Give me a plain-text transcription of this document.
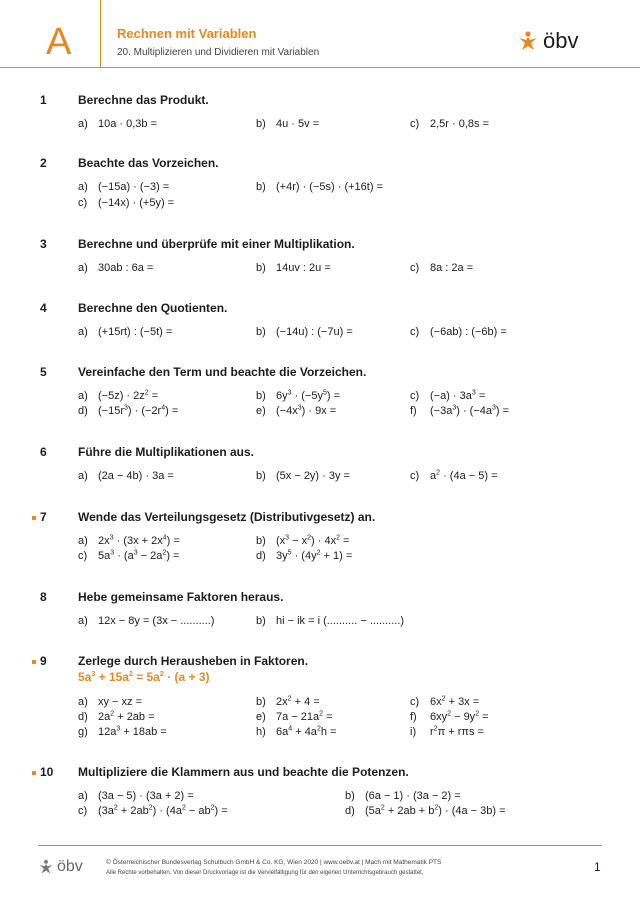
A	Rechnen mit Variablen
20. Multiplizieren und Dividieren mit Variablen	öbv
1	Berechne das Produkt.
a) 10a · 0,3b =	b) 4u · 5v =	c) 2,5r · 0,8s =
2	Beachte das Vorzeichen.
a) (−15a) · (−3) =	b) (+4r) · (−5s) · (+16t) =
c) (−14x) · (+5y) =
3	Berechne und überprüfe mit einer Multiplikation.
a) 30ab : 6a =	b) 14uv : 2u =	c) 8a : 2a =
4	Berechne den Quotienten.
a) (+15rt) : (−5t) =	b) (−14u) : (−7u) =	c) (−6ab) : (−6b) =
5	Vereinfache den Term und beachte die Vorzeichen.
a) $(-5z) \cdot 2z^2$ =	b) $6y^3 \cdot (-5y^5)$ =	c) $(-a) \cdot 3a^3$ =
d) $(-15r^3) \cdot (-2r^4)$ =	e) $(-4x^3) \cdot 9x$ =	f) $(-3a^3) \cdot (-4a^3)$ =
6	Führe die Multiplikationen aus.
a) (2a − 4b) · 3a =	b) (5x − 2y) · 3y =	c) $a^2 \cdot (4a - 5)$ =
7	Wende das Verteilungsgesetz (Distributivgesetz) an.
a) $2x^3 \cdot (3x + 2x^4)$ =	b) $(x^3 - x^2) \cdot 4x^2$ =
c) $5a^3 \cdot (a^3 - 2a^2)$ =	d) $3y^5 \cdot (4y^2 + 1)$ =
8	Hebe gemeinsame Faktoren heraus.
a) 12x − 8y = (3x − ..........)	b) hi − ik = i (.......... − ..........)
9	Zerlege durch Herausheben in Faktoren.
$5a^3 + 15a^2 = 5a^2 \cdot (a + 3)$
a) xy − xz =	b) $2x^2 + 4$ =	c) $6x^2 + 3x$ =
d) $2a^2 + 2ab$ =	e) $7a - 21a^2$ =	f) $6xy^2 - 9y^2$ =
g) $12a^3 + 18ab$ =	h) $6a^4 + 4a^2h$ =	i) $r^2\pi + r\pi s$ =
10 Multipliziere die Klammern aus und beachte die Potenzen.
a) (3a − 5) · (3a + 2) =	b) (6a − 1) · (3a − 2) =
c) $(3a^2 + 2ab^2) \cdot (4a^2 - ab^2)$ =	d) $(5a^2 + 2ab + b^2) \cdot (4a - 3b)$ =
öbv	© Österreichischer Bundesverlag Schulbuch GmbH & Co. KG, Wien 2020 | www.oebv.at | Mach mit Mathematik PTS
Alle Rechte vorbehalten. Von dieser Druckvorlage ist die Vervielfältigung für den eigenen Unterrichtsgebrauch gestattet.	1
